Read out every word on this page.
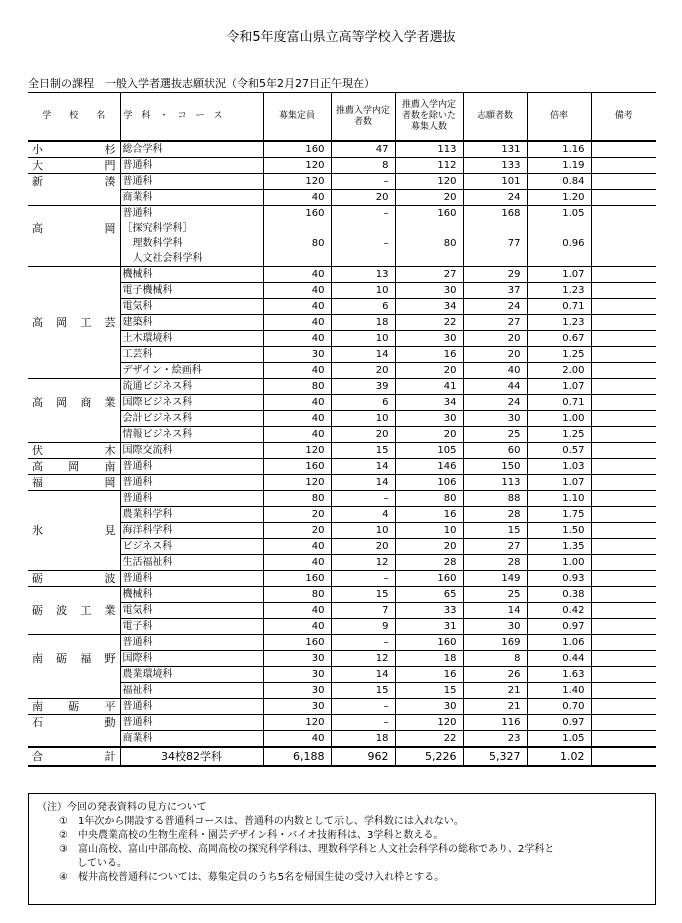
令和5年度富山県立高等学校入学者選抜
全日制の課程　一般入学者選抜志願状況（令和5年2月27日正午現在）
学　　校　　名	学　科　・　コ　ー　ス	募集定員	推薦入学内定者数	推薦入学内定者数を除いた募集人数	志願者数	倍率	備考
小　　　杉	総合学科	160	47	113	131	1.16	
大　　　門	普通科	120	8	112	133	1.19	
新　　　湊	普通科	120	–	120	101	0.84	
	商業科	40	20	20	24	1.20	
	普通科	160	–	160	168	1.05	
高　　　岡	［探究科学科］						
	　理数科学科	80	–	80	77	0.96	
	　人文社会科学科						
	機械科	40	13	27	29	1.07	
	電子機械科	40	10	30	37	1.23	
	電気科	40	6	34	24	0.71	
高　岡　工　芸	建築科	40	18	22	27	1.23	
	土木環境科	40	10	30	20	0.67	
	工芸科	30	14	16	20	1.25	
	デザイン・絵画科	40	20	20	40	2.00	
	流通ビジネス科	80	39	41	44	1.07	
高　岡　商　業	国際ビジネス科	40	6	34	24	0.71	
	会計ビジネス科	40	10	30	30	1.00	
	情報ビジネス科	40	20	20	25	1.25	
伏　　　木	国際交流科	120	15	105	60	0.57	
高　岡　南	普通科	160	14	146	150	1.03	
福　　　岡	普通科	120	14	106	113	1.07	
	普通科	80	–	80	88	1.10	
	農業科学科	20	4	16	28	1.75	
氷　　　見	海洋科学科	20	10	10	15	1.50	
	ビジネス科	40	20	20	27	1.35	
	生活福祉科	40	12	28	28	1.00	
砺　　　波	普通科	160	–	160	149	0.93	
	機械科	80	15	65	25	0.38	
砺　波　工　業	電気科	40	7	33	14	0.42	
	電子科	40	9	31	30	0.97	
	普通科	160	–	160	169	1.06	
南　砺　福　野	国際科	30	12	18	8	0.44	
	農業環境科	30	14	16	26	1.63	
	福祉科	30	15	15	21	1.40	
南　砺　平	普通科	30	–	30	21	0.70	
石　　　動	普通科	120	–	120	116	0.97	
	商業科	40	18	22	23	1.05	
合　　　計	34校82学科	6,188	962	5,226	5,327	1.02	
（注）今回の発表資料の見方について
①　1年次から開設する普通科コースは、普通科の内数として示し、学科数には入れない。
②　中央農業高校の生物生産科・園芸デザイン科・バイオ技術科は、3学科と数える。
③　富山高校、富山中部高校、高岡高校の探究科学科は、理数科学科と人文社会科学科の総称であり、2学科と
している。
④　桜井高校普通科については、募集定員のうち5名を帰国生徒の受け入れ枠とする。
